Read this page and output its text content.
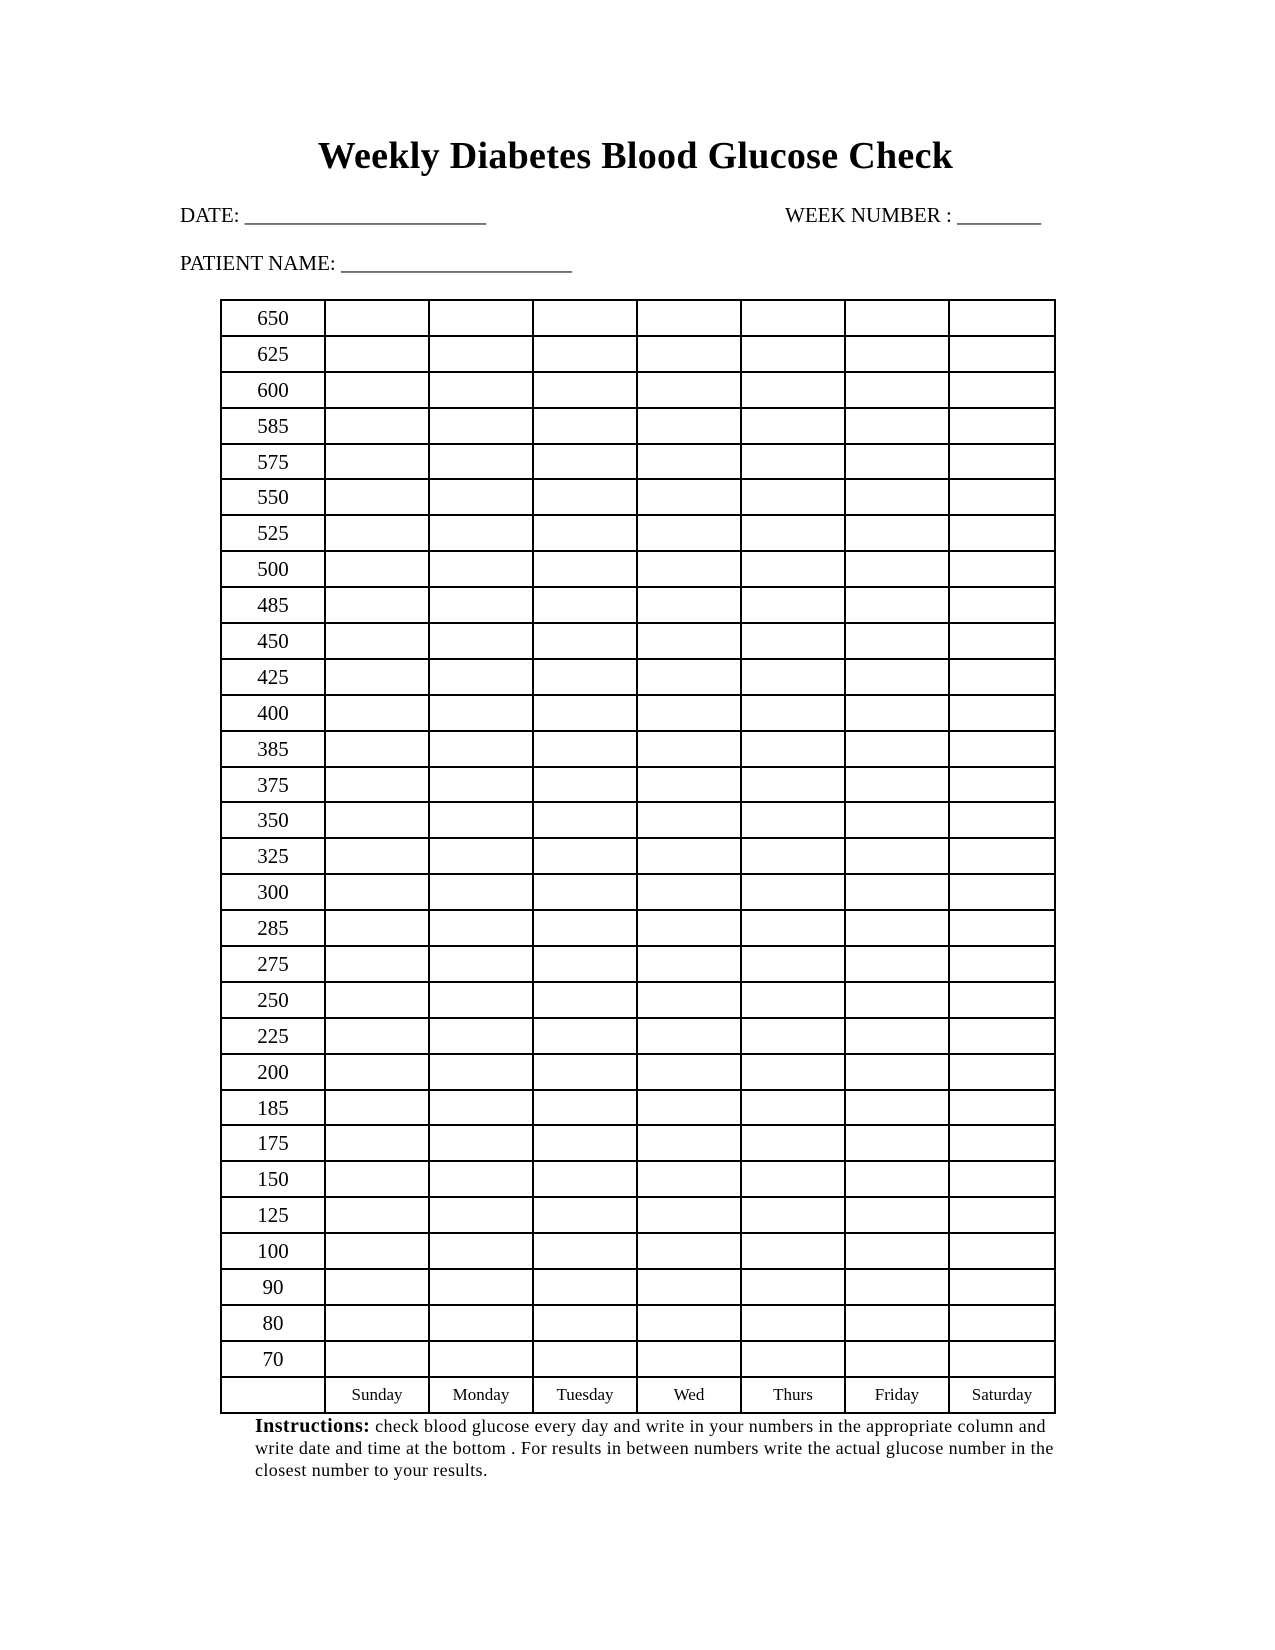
Weekly Diabetes Blood Glucose Check
DATE: _______________________	WEEK NUMBER : ________
PATIENT NAME: ______________________
650							
625							
600							
585							
575							
550							
525							
500							
485							
450							
425							
400							
385							
375							
350							
325							
300							
285							
275							
250							
225							
200							
185							
175							
150							
125							
100							
90							
80							
70							
	Sunday	Monday	Tuesday	Wed	Thurs	Friday	Saturday
Instructions: check blood glucose every day and write in your numbers in the appropriate column and write date and time at the bottom . For results in between numbers write the actual glucose number in the closest number to your results.
